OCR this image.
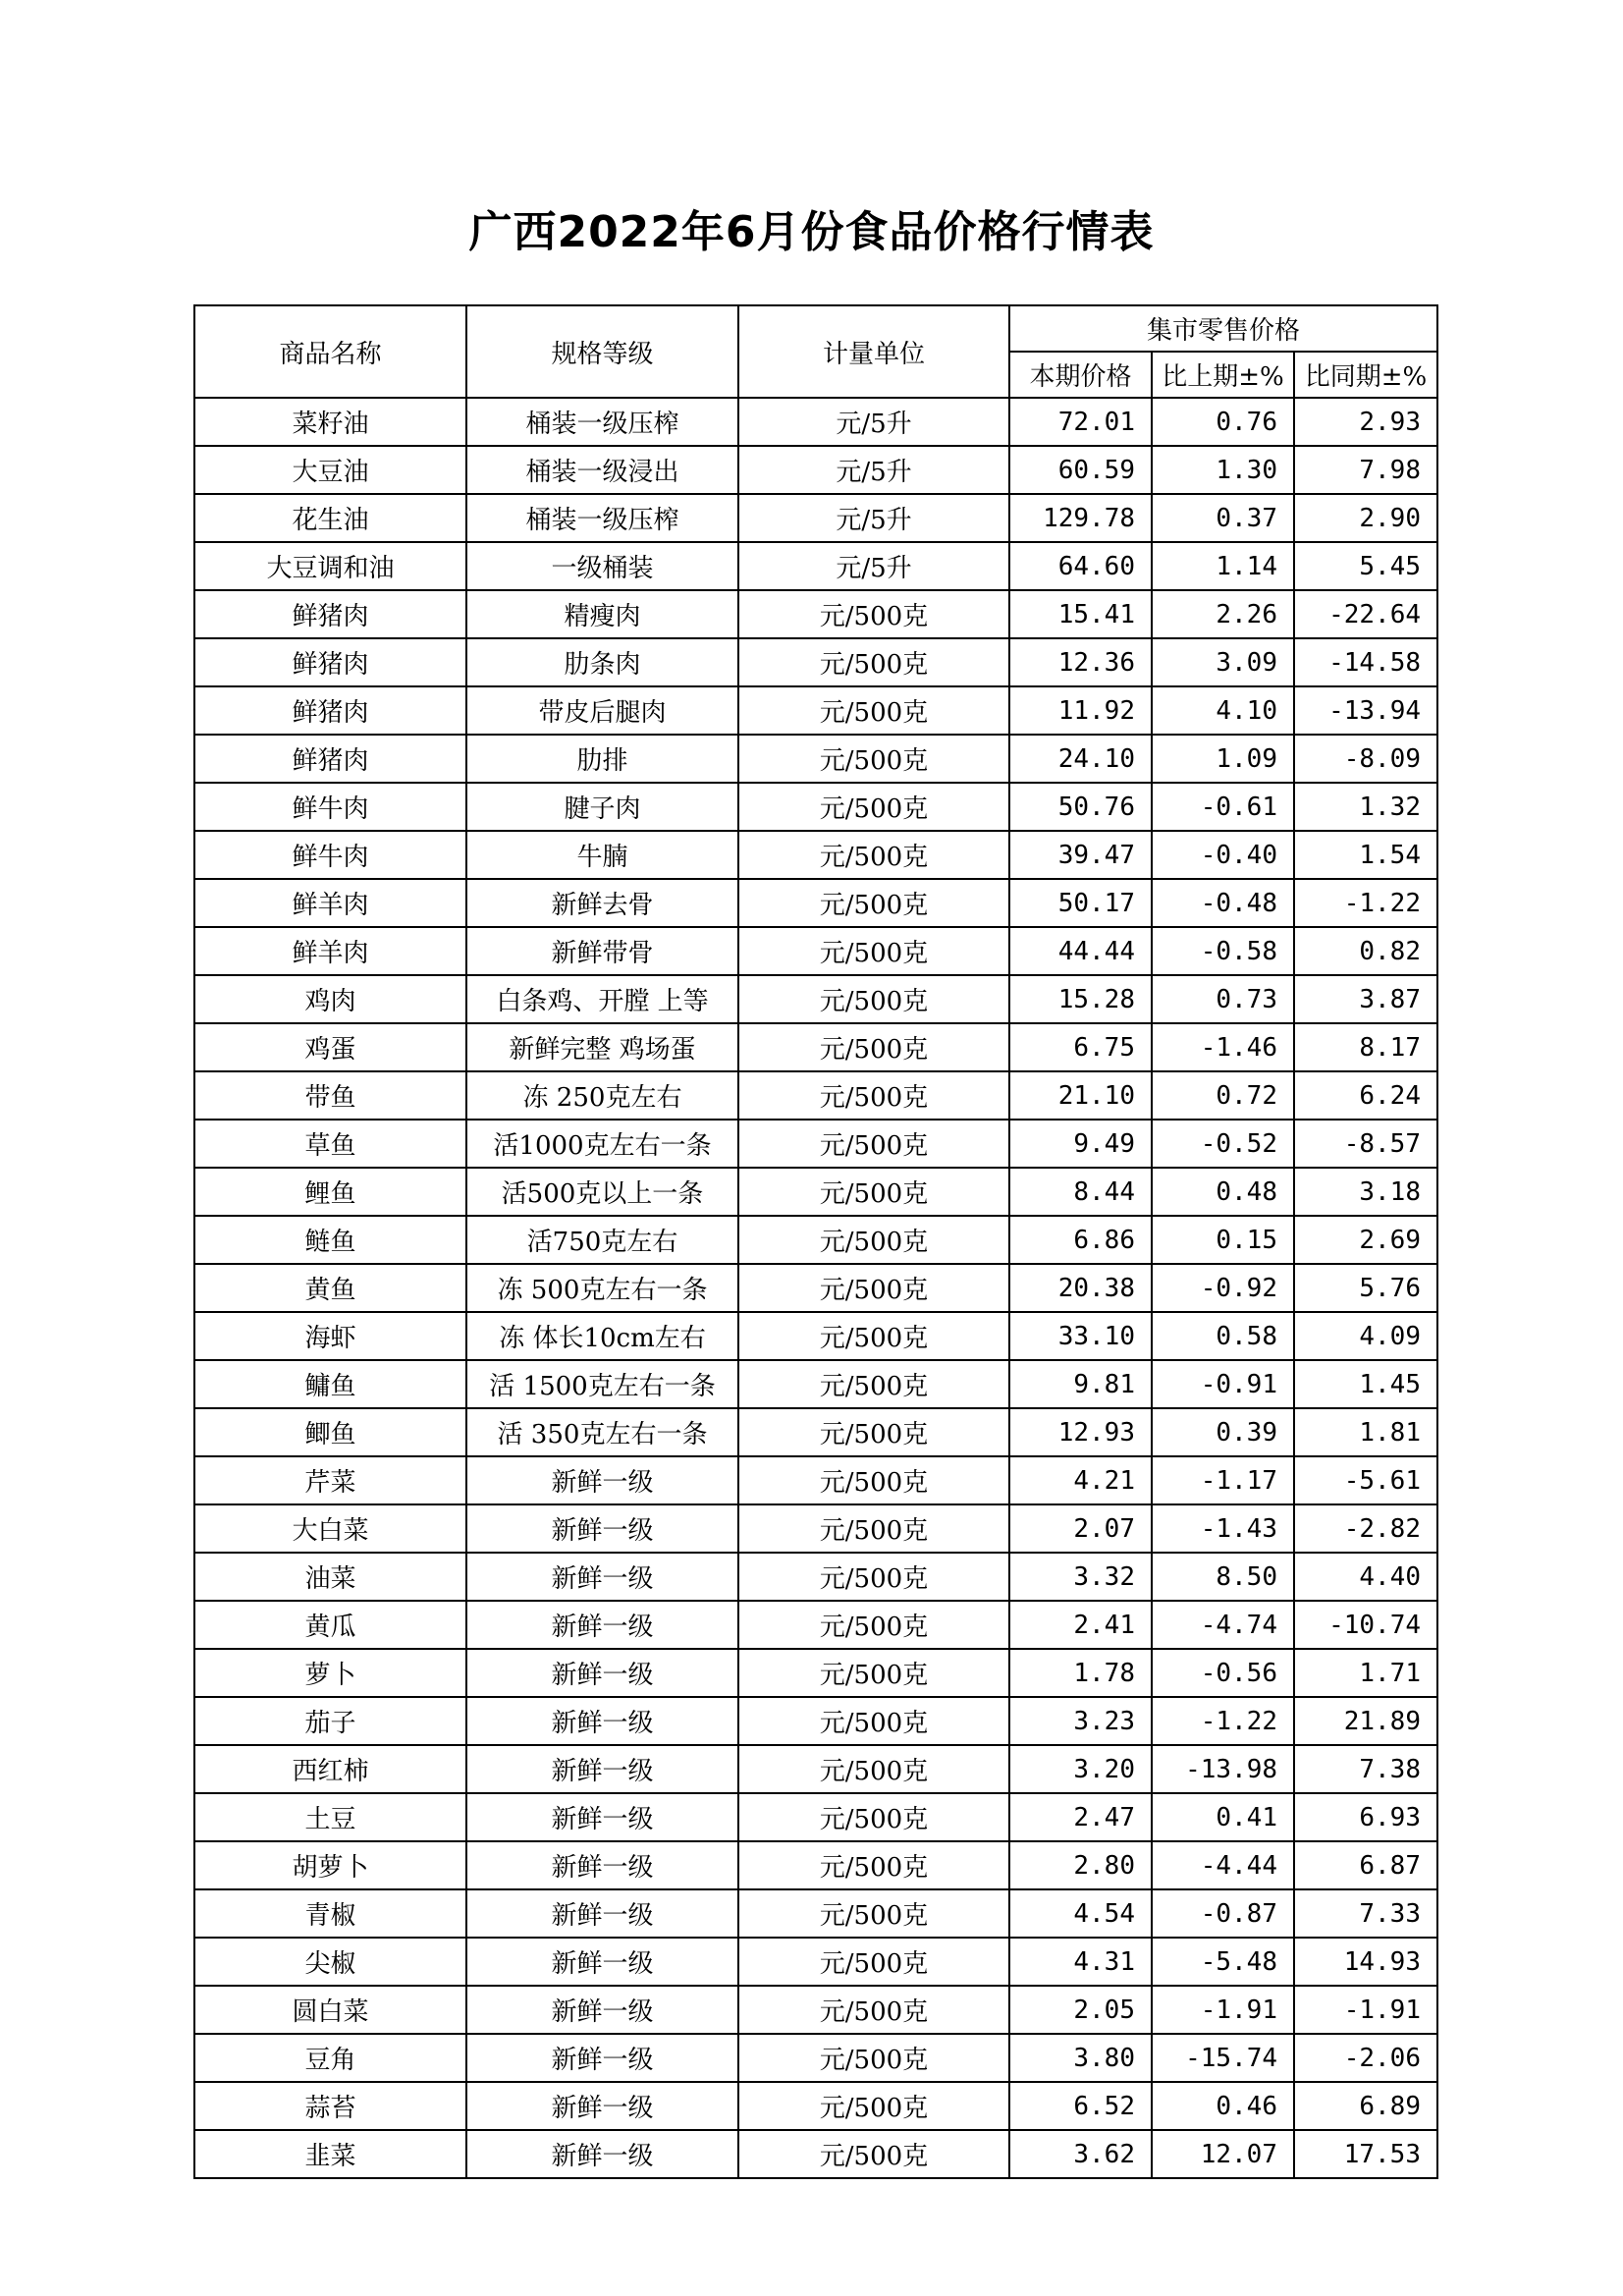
广西2022年6月份食品价格行情表
商品名称	规格等级	计量单位	集市零售价格		
			本期价格	比上期±%	比同期±%
菜籽油	桶装一级压榨	元/5升	72.01	0.76	2.93
大豆油	桶装一级浸出	元/5升	60.59	1.30	7.98
花生油	桶装一级压榨	元/5升	129.78	0.37	2.90
大豆调和油	一级桶装	元/5升	64.60	1.14	5.45
鲜猪肉	精瘦肉	元/500克	15.41	2.26	-22.64
鲜猪肉	肋条肉	元/500克	12.36	3.09	-14.58
鲜猪肉	带皮后腿肉	元/500克	11.92	4.10	-13.94
鲜猪肉	肋排	元/500克	24.10	1.09	-8.09
鲜牛肉	腱子肉	元/500克	50.76	-0.61	1.32
鲜牛肉	牛腩	元/500克	39.47	-0.40	1.54
鲜羊肉	新鲜去骨	元/500克	50.17	-0.48	-1.22
鲜羊肉	新鲜带骨	元/500克	44.44	-0.58	0.82
鸡肉	白条鸡、开膛 上等	元/500克	15.28	0.73	3.87
鸡蛋	新鲜完整 鸡场蛋	元/500克	6.75	-1.46	8.17
带鱼	冻 250克左右	元/500克	21.10	0.72	6.24
草鱼	活1000克左右一条	元/500克	9.49	-0.52	-8.57
鲤鱼	活500克以上一条	元/500克	8.44	0.48	3.18
鲢鱼	活750克左右	元/500克	6.86	0.15	2.69
黄鱼	冻 500克左右一条	元/500克	20.38	-0.92	5.76
海虾	冻 体长10cm左右	元/500克	33.10	0.58	4.09
鳙鱼	活 1500克左右一条	元/500克	9.81	-0.91	1.45
鲫鱼	活 350克左右一条	元/500克	12.93	0.39	1.81
芹菜	新鲜一级	元/500克	4.21	-1.17	-5.61
大白菜	新鲜一级	元/500克	2.07	-1.43	-2.82
油菜	新鲜一级	元/500克	3.32	8.50	4.40
黄瓜	新鲜一级	元/500克	2.41	-4.74	-10.74
萝卜	新鲜一级	元/500克	1.78	-0.56	1.71
茄子	新鲜一级	元/500克	3.23	-1.22	21.89
西红柿	新鲜一级	元/500克	3.20	-13.98	7.38
土豆	新鲜一级	元/500克	2.47	0.41	6.93
胡萝卜	新鲜一级	元/500克	2.80	-4.44	6.87
青椒	新鲜一级	元/500克	4.54	-0.87	7.33
尖椒	新鲜一级	元/500克	4.31	-5.48	14.93
圆白菜	新鲜一级	元/500克	2.05	-1.91	-1.91
豆角	新鲜一级	元/500克	3.80	-15.74	-2.06
蒜苔	新鲜一级	元/500克	6.52	0.46	6.89
韭菜	新鲜一级	元/500克	3.62	12.07	17.53
